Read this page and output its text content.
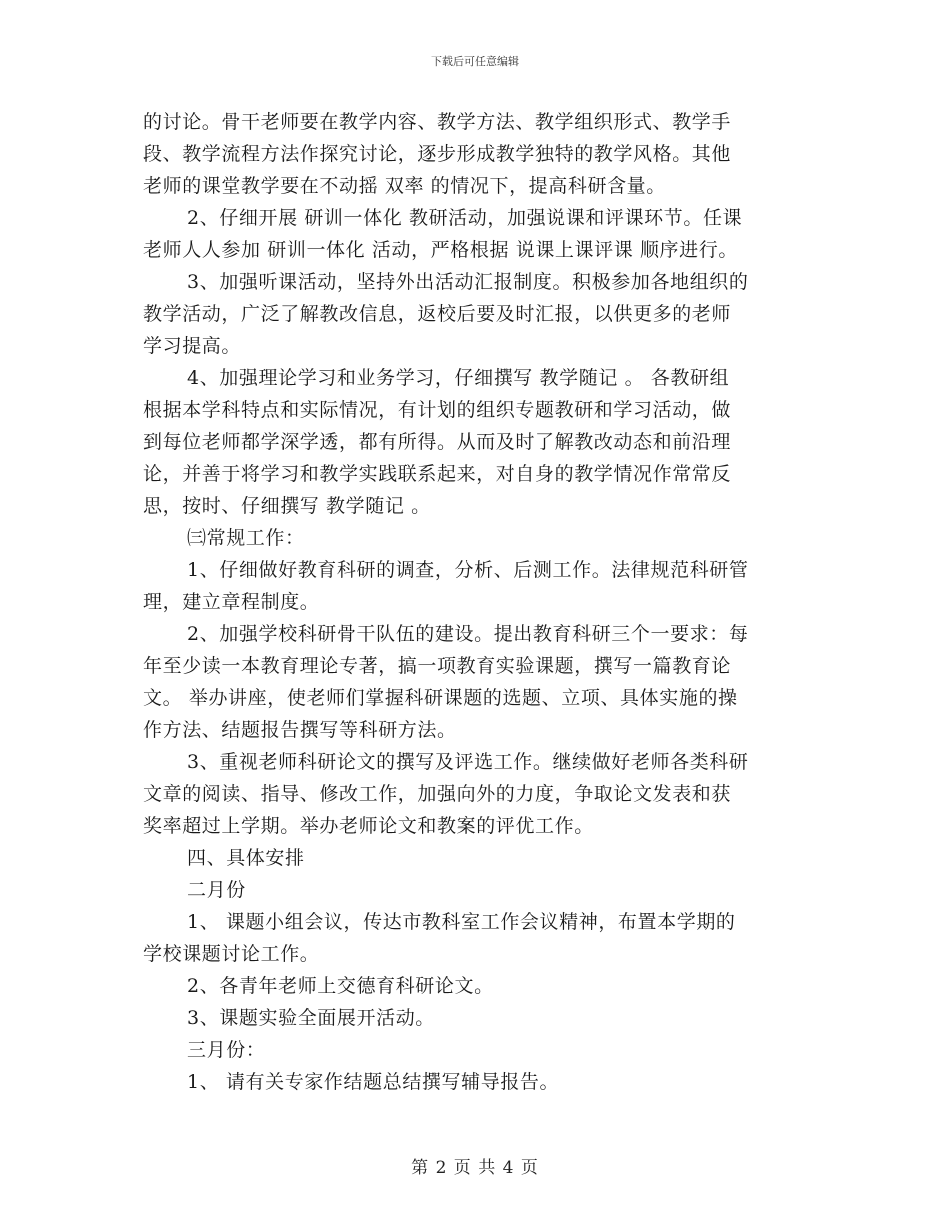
下载后可任意编辑
的讨论。骨干老师要在教学内容、教学方法、教学组织形式、教学手
段、教学流程方法作探究讨论，逐步形成教学独特的教学风格。其他
老师的课堂教学要在不动摇 双率 的情况下，提高科研含量。
2、仔细开展 研训一体化 教研活动，加强说课和评课环节。任课
老师人人参加 研训一体化 活动，严格根据 说课上课评课 顺序进行。
3、加强听课活动，坚持外出活动汇报制度。积极参加各地组织的
教学活动，广泛了解教改信息，返校后要及时汇报，以供更多的老师
学习提高。
4、加强理论学习和业务学习，仔细撰写 教学随记 。 各教研组
根据本学科特点和实际情况，有计划的组织专题教研和学习活动，做
到每位老师都学深学透，都有所得。从而及时了解教改动态和前沿理
论，并善于将学习和教学实践联系起来，对自身的教学情况作常常反
思，按时、仔细撰写 教学随记 。
㈢常规工作：
1、仔细做好教育科研的调查，分析、后测工作。法律规范科研管
理，建立章程制度。
2、加强学校科研骨干队伍的建设。提出教育科研三个一要求：每
年至少读一本教育理论专著，搞一项教育实验课题，撰写一篇教育论
文。 举办讲座，使老师们掌握科研课题的选题、立项、具体实施的操
作方法、结题报告撰写等科研方法。
3、重视老师科研论文的撰写及评选工作。继续做好老师各类科研
文章的阅读、指导、修改工作，加强向外的力度，争取论文发表和获
奖率超过上学期。举办老师论文和教案的评优工作。
四、具体安排
二月份
1、 课题小组会议，传达市教科室工作会议精神，布置本学期的
学校课题讨论工作。
2、各青年老师上交德育科研论文。
3、课题实验全面展开活动。
三月份：
1、 请有关专家作结题总结撰写辅导报告。
第 2 页 共 4 页
